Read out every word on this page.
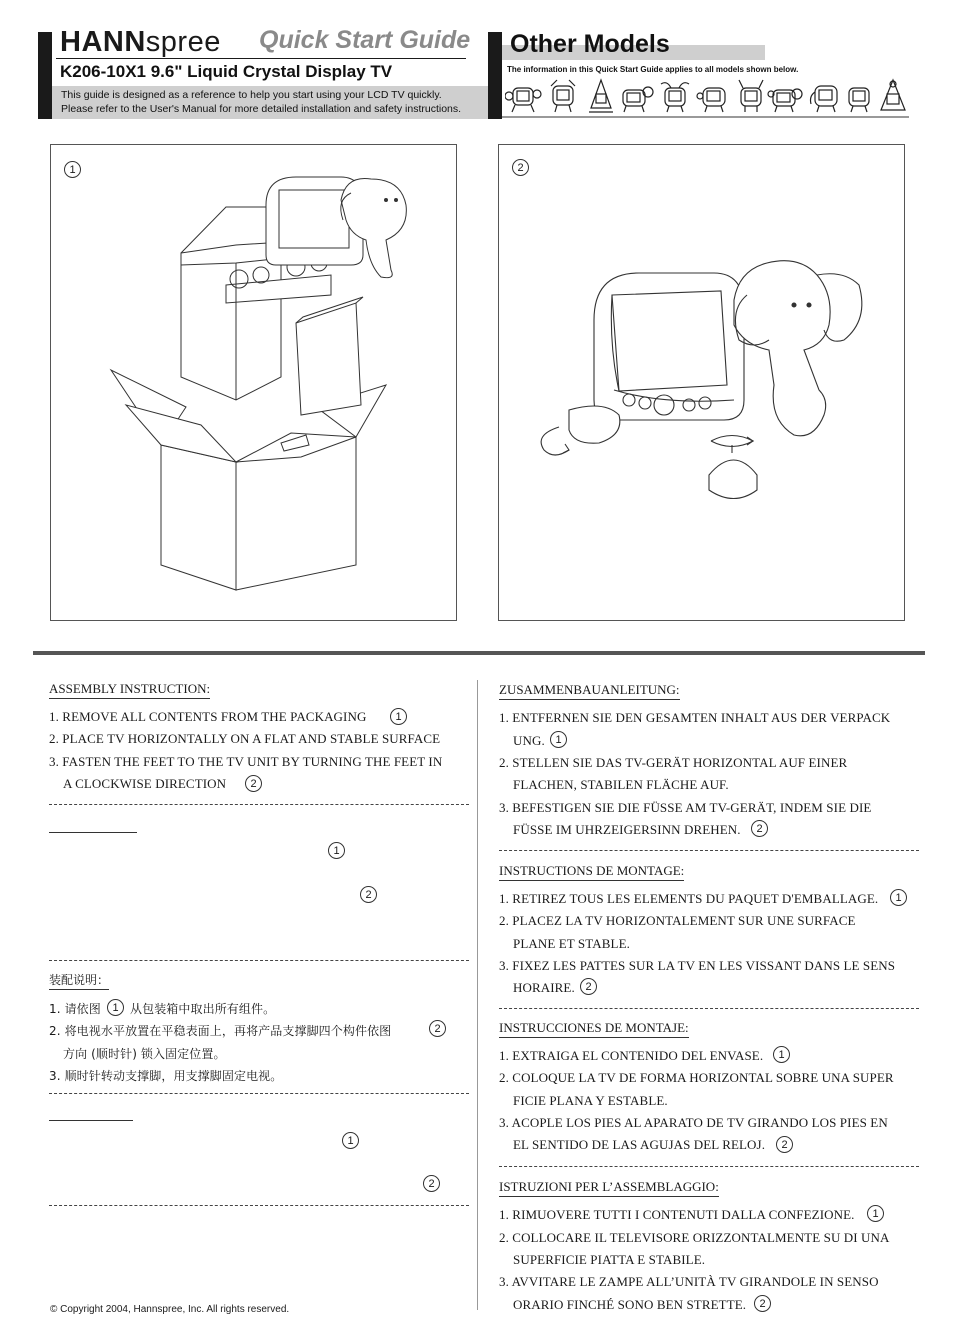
HANNspree Quick Start Guide
K206-10X1 9.6" Liquid Crystal Display TV
This guide is designed as a reference to help you start using your LCD TV quickly.
Please refer to the User's Manual for more detailed installation and safety instructions.
Other Models
The information in this Quick Start Guide applies to all models shown below.
1	2
ASSEMBLY INSTRUCTION:
1. REMOVE ALL CONTENTS FROM THE PACKAGING	1
2. PLACE TV HORIZONTALLY ON A FLAT AND STABLE SURFACE
3. FASTEN THE FEET TO THE TV UNIT BY TURNING THE FEET IN
A CLOCKWISE DIRECTION	2
1
2
装配说明：
1. 请依图	1 从包装箱中取出所有组件。
2. 将电视水平放置在平稳表面上，再将产品支撑脚四个构件依图	2
方向 (顺时针) 锁入固定位置。
3. 顺时针转动支撑脚，用支撑脚固定电视。
1
2
© Copyright 2004, Hannspree, Inc. All rights reserved.
ZUSAMMENBAUANLEITUNG:
1. ENTFERNEN SIE DEN GESAMTEN INHALT AUS DER VERPACK
UNG. 1
2. STELLEN SIE DAS TV-GERÄT HORIZONTAL AUF EINER
FLACHEN, STABILEN FLÄCHE AUF.
3. BEFESTIGEN SIE DIE FÜSSE AM TV-GERÄT, INDEM SIE DIE
FÜSSE IM UHRZEIGERSINN DREHEN.	2
INSTRUCTIONS DE MONTAGE:
1. RETIREZ TOUS LES ELEMENTS DU PAQUET D'EMBALLAGE.	1
2. PLACEZ LA TV HORIZONTALEMENT SUR UNE SURFACE
PLANE ET STABLE.
3. FIXEZ LES PATTES SUR LA TV EN LES VISSANT DANS LE SENS
HORAIRE. 2
INSTRUCCIONES DE MONTAJE:
1. EXTRAIGA EL CONTENIDO DEL ENVASE.	1
2. COLOQUE LA TV DE FORMA HORIZONTAL SOBRE UNA SUPER
FICIE PLANA Y ESTABLE.
3. ACOPLE LOS PIES AL APARATO DE TV GIRANDO LOS PIES EN
EL SENTIDO DE LAS AGUJAS DEL RELOJ.	2
ISTRUZIONI PER L’ASSEMBLAGGIO:
1. RIMUOVERE TUTTI I CONTENUTI DALLA CONFEZIONE.	1
2. COLLOCARE IL TELEVISORE ORIZZONTALMENTE SU DI UNA
SUPERFICIE PIATTA E STABILE.
3. AVVITARE LE ZAMPE ALL’UNITÀ TV GIRANDOLE IN SENSO
ORARIO FINCHÉ SONO BEN STRETTE.	2
